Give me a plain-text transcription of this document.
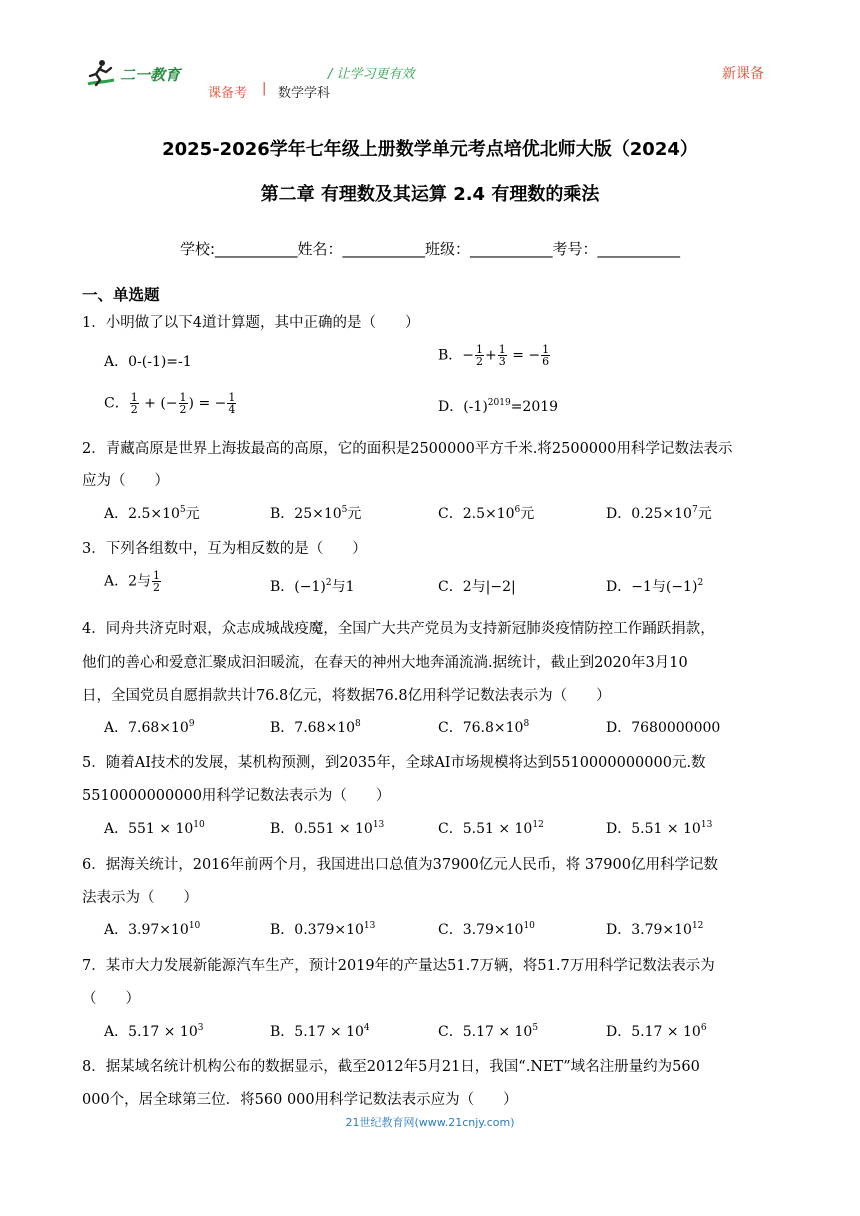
二一教育	/ 让学习更有效
课备考 | 数学学科
新课备
2025-2026学年七年级上册数学单元考点培优北师大版（2024）
第二章 有理数及其运算 2.4 有理数的乘法
学校:___________姓名：___________班级：___________考号：___________
一、单选题
1．小明做了以下4道计算题，其中正确的是（　　）
A．0-(-1)=-1	B．− $\frac{1}{2} + \frac{1}{3}$ = − $\frac{1}{6}$
C． $\frac{1}{2}$ + (− $\frac{1}{2}$ ) = − $\frac{1}{4}$	D．$(-1)^{2019}=2019$
2．青藏高原是世界上海拔最高的高原，它的面积是2500000平方千米.将2500000用科学记数法表示
应为（　　）
A．$2.5\times 10^5$元	B．$25\times 10^5$元	C．$2.5\times 10^6$元	D．$0.25\times 10^7$元
3．下列各组数中，互为相反数的是（　　）
A．2与 $\frac{1}{2}$	B．$(-1)^2$与1	C．2与|−2|	D．−1与$(-1)^2$
4．同舟共济克时艰，众志成城战疫魔，全国广大共产党员为支持新冠肺炎疫情防控工作踊跃捐款，
他们的善心和爱意汇聚成汩汩暖流，在春天的神州大地奔涌流淌.据统计，截止到2020年3月10
日，全国党员自愿捐款共计76.8亿元，将数据76.8亿用科学记数法表示为（　　）
A．$7.68\times 10^9$	B．$7.68\times 10^8$	C．$76.8\times 10^8$	D．7680000000
5．随着AI技术的发展，某机构预测，到2035年，全球AI市场规模将达到5510000000000元.数
5510000000000用科学记数法表示为（　　）
A．$551 \times 10^{10}$	B．$0.551 \times 10^{13}$	C．$5.51 \times 10^{12}$	D．$5.51 \times 10^{13}$
6．据海关统计，2016年前两个月，我国进出口总值为37900亿元人民币，将 37900亿用科学记数
法表示为（　　）
A．$3.97\times 10^{10}$	B．$0.379\times 10^{13}$	C．$3.79\times 10^{10}$	D．$3.79\times 10^{12}$
7．某市大力发展新能源汽车生产，预计2019年的产量达51.7万辆，将51.7万用科学记数法表示为
（　　）
A．$5.17 \times 10^3$	B．$5.17 \times 10^4$	C．$5.17 \times 10^5$	D．$5.17 \times 10^6$
8．据某域名统计机构公布的数据显示，截至2012年5月21日，我国“.NET”域名注册量约为560
000个，居全球第三位．将560 000用科学记数法表示应为（　　）
21世纪教育网(www.21cnjy.com)
